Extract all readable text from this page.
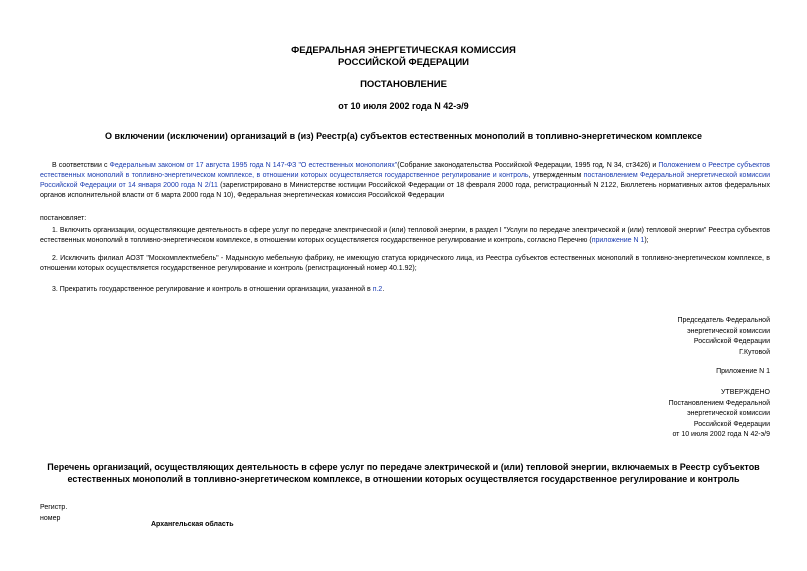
ФЕДЕРАЛЬНАЯ ЭНЕРГЕТИЧЕСКАЯ КОМИССИЯ
РОССИЙСКОЙ ФЕДЕРАЦИИ
ПОСТАНОВЛЕНИЕ
от 10 июля 2002 года N 42-э/9
О включении (исключении) организаций в (из) Реестр(а) субъектов естественных монополий в топливно-энергетическом комплексе
В соответствии с Федеральным законом от 17 августа 1995 года N 147-ФЗ "О естественных монополиях"(Собрание законодательства Российской Федерации, 1995 год, N 34, ст3426) и Положением о Реестре субъектов естественных монополий в топливно-энергетическом комплексе, в отношении которых осуществляется государственное регулирование и контроль, утвержденным постановлением Федеральной энергетической комиссии Российской Федерации от 14 января 2000 года N 2/11 (зарегистрировано в Министерстве юстиции Российской Федерации от 18 февраля 2000 года, регистрационный N 2122, Бюллетень нормативных актов федеральных органов исполнительной власти от 6 марта 2000 года N 10), Федеральная энергетическая комиссия Российской Федерации
постановляет:
1. Включить организации, осуществляющие деятельность в сфере услуг по передаче электрической и (или) тепловой энергии, в раздел I "Услуги по передаче электрической и (или) тепловой энергии" Реестра субъектов естественных монополий в топливно-энергетическом комплексе, в отношении которых осуществляется государственное регулирование и контроль, согласно Перечню (приложение N 1);
2. Исключить филиал АОЗТ "Москомплектмебель" - Мадынскую мебельную фабрику, не имеющую статуса юридического лица, из Реестра субъектов естественных монополий в топливно-энергетическом комплексе, в отношении которых осуществляется государственное регулирование и контроль (регистрационный номер 40.1.92);
3. Прекратить государственное регулирование и контроль в отношении организации, указанной в п.2.
Председатель Федеральной
энергетической комиссии
Российской Федерации
Г.Кутовой
Приложение N 1
УТВЕРЖДЕНО
Постановлением Федеральной
энергетической комиссии
Российской Федерации
от 10 июля 2002 года N 42-э/9
Перечень организаций, осуществляющих деятельность в сфере услуг по передаче электрической и (или) тепловой энергии, включаемых в Реестр субъектов естественных монополий в топливно-энергетическом комплексе, в отношении которых осуществляется государственное регулирование и контроль
Регистр.
номер
Архангельская область
